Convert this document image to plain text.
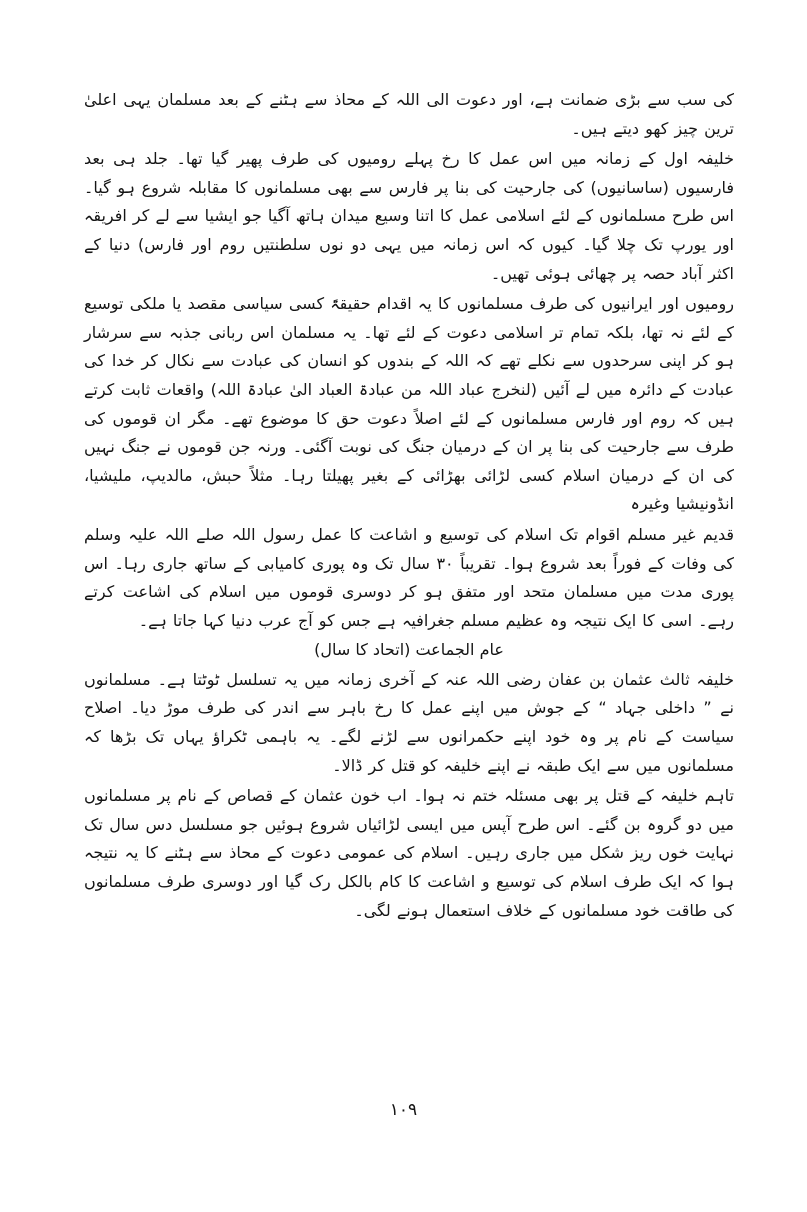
کی سب سے بڑی ضمانت ہے، اور دعوت الی اللہ کے محاذ سے ہٹنے کے بعد مسلمان یہی اعلیٰ ترین چیز کھو دیتے ہیں۔

خلیفہ اول کے زمانہ میں اس عمل کا رخ پہلے رومیوں کی طرف پھیر گیا تھا۔ جلد ہی بعد فارسیوں (ساسانیوں) کی جارحیت کی بنا پر فارس سے بھی مسلمانوں کا مقابلہ شروع ہو گیا۔ اس طرح مسلمانوں کے لئے اسلامی عمل کا اتنا وسیع میدان ہاتھ آگیا جو ایشیا سے لے کر افریقہ اور یورپ تک چلا گیا۔ کیوں کہ اس زمانہ میں یہی دو نوں سلطنتیں روم اور فارس) دنیا کے اکثر آباد حصہ پر چھائی ہوئی تھیں۔

رومیوں اور ایرانیوں کی طرف مسلمانوں کا یہ اقدام حقیقۃً کسی سیاسی مقصد یا ملکی توسیع کے لئے نہ تھا، بلکہ تمام تر اسلامی دعوت کے لئے تھا۔ یہ مسلمان اس ربانی جذبہ سے سرشار ہو کر اپنی سرحدوں سے نکلے تھے کہ اللہ کے بندوں کو انسان کی عبادت سے نکال کر خدا کی عبادت کے دائرہ میں لے آئیں (لنخرج عباد اللہ من عبادۃ العباد الیٰ عبادۃ اللہ) واقعات ثابت کرتے ہیں کہ روم اور فارس مسلمانوں کے لئے اصلاً دعوت حق کا موضوع تھے۔ مگر ان قوموں کی طرف سے جارحیت کی بنا پر ان کے درمیان جنگ کی نوبت آگئی۔ ورنہ جن قوموں نے جنگ نہیں کی ان کے درمیان اسلام کسی لڑائی بھڑائی کے بغیر پھیلتا رہا۔ مثلاً حبش، مالدیپ، ملیشیا، انڈونیشیا وغیرہ

قدیم غیر مسلم اقوام تک اسلام کی توسیع و اشاعت کا عمل رسول اللہ صلے اللہ علیہ وسلم کی وفات کے فوراً بعد شروع ہوا۔ تقریباً ۳۰ سال تک وہ پوری کامیابی کے ساتھ جاری رہا۔ اس پوری مدت میں مسلمان متحد اور متفق ہو کر دوسری قوموں میں اسلام کی اشاعت کرتے رہے۔ اسی کا ایک نتیجہ وہ عظیم مسلم جغرافیہ ہے جس کو آج عرب دنیا کہا جاتا ہے۔

عام الجماعت (اتحاد کا سال)

خلیفہ ثالث عثمان بن عفان رضی اللہ عنہ کے آخری زمانہ میں یہ تسلسل ٹوٹتا ہے۔ مسلمانوں نے ” داخلی جہاد “ کے جوش میں اپنے عمل کا رخ باہر سے اندر کی طرف موڑ دیا۔ اصلاح سیاست کے نام پر وہ خود اپنے حکمرانوں سے لڑنے لگے۔ یہ باہمی ٹکراؤ یہاں تک بڑھا کہ مسلمانوں میں سے ایک طبقہ نے اپنے خلیفہ کو قتل کر ڈالا۔

تاہم خلیفہ کے قتل پر بھی مسئلہ ختم نہ ہوا۔ اب خون عثمان کے قصاص کے نام پر مسلمانوں میں دو گروہ بن گئے۔ اس طرح آپس میں ایسی لڑائیاں شروع ہوئیں جو مسلسل دس سال تک نہایت خوں ریز شکل میں جاری رہیں۔ اسلام کی عمومی دعوت کے محاذ سے ہٹنے کا یہ نتیجہ ہوا کہ ایک طرف اسلام کی توسیع و اشاعت کا کام بالکل رک گیا اور دوسری طرف مسلمانوں کی طاقت خود مسلمانوں کے خلاف استعمال ہونے لگی۔

۱۰۹
